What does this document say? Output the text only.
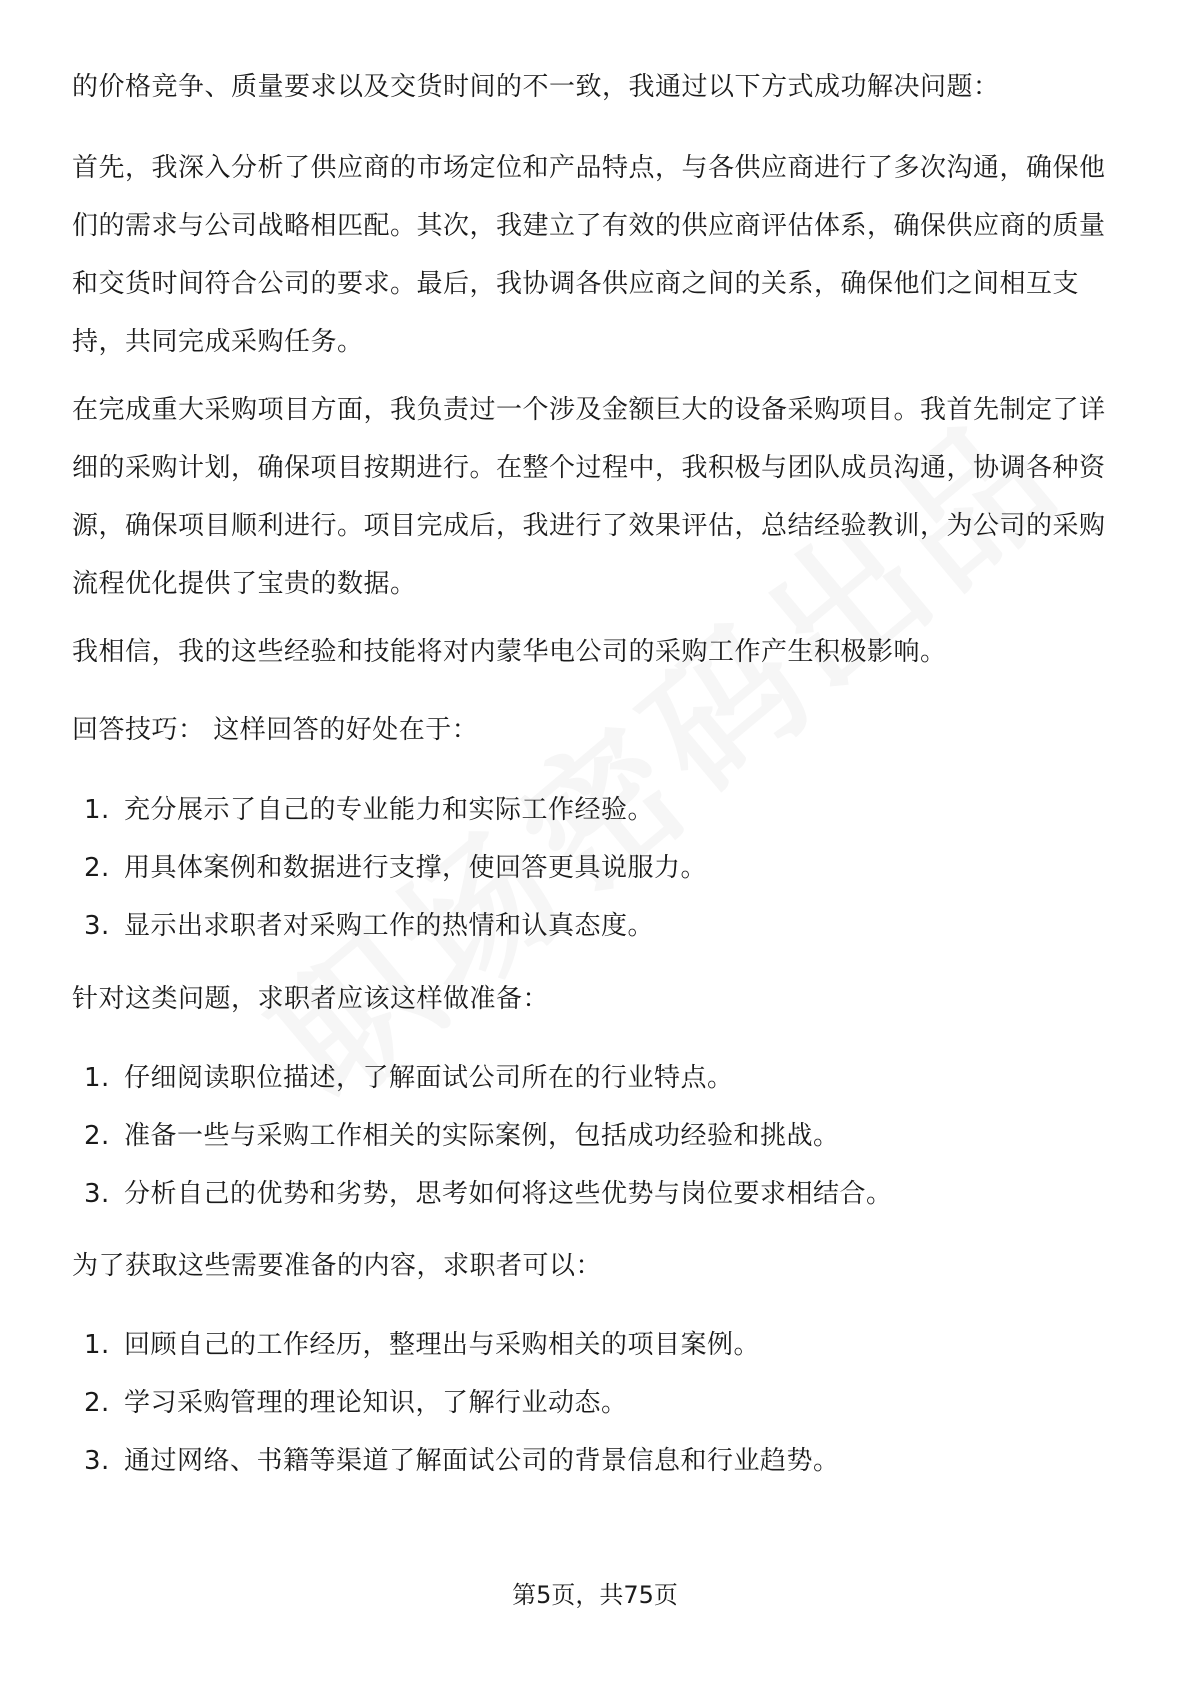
的价格竞争、质量要求以及交货时间的不一致，我通过以下方式成功解决问题：

首先，我深入分析了供应商的市场定位和产品特点，与各供应商进行了多次沟通，确保他们的需求与公司战略相匹配。其次，我建立了有效的供应商评估体系，确保供应商的质量和交货时间符合公司的要求。最后，我协调各供应商之间的关系，确保他们之间相互支持，共同完成采购任务。

在完成重大采购项目方面，我负责过一个涉及金额巨大的设备采购项目。我首先制定了详细的采购计划，确保项目按期进行。在整个过程中，我积极与团队成员沟通，协调各种资源，确保项目顺利进行。项目完成后，我进行了效果评估，总结经验教训，为公司的采购流程优化提供了宝贵的数据。

我相信，我的这些经验和技能将对内蒙华电公司的采购工作产生积极影响。

回答技巧： 这样回答的好处在于：

1. 充分展示了自己的专业能力和实际工作经验。
2. 用具体案例和数据进行支撑，使回答更具说服力。
3. 显示出求职者对采购工作的热情和认真态度。

针对这类问题，求职者应该这样做准备：

1. 仔细阅读职位描述，了解面试公司所在的行业特点。
2. 准备一些与采购工作相关的实际案例，包括成功经验和挑战。
3. 分析自己的优势和劣势，思考如何将这些优势与岗位要求相结合。

为了获取这些需要准备的内容，求职者可以：

1. 回顾自己的工作经历，整理出与采购相关的项目案例。
2. 学习采购管理的理论知识，了解行业动态。
3. 通过网络、书籍等渠道了解面试公司的背景信息和行业趋势。
第5页，共75页
